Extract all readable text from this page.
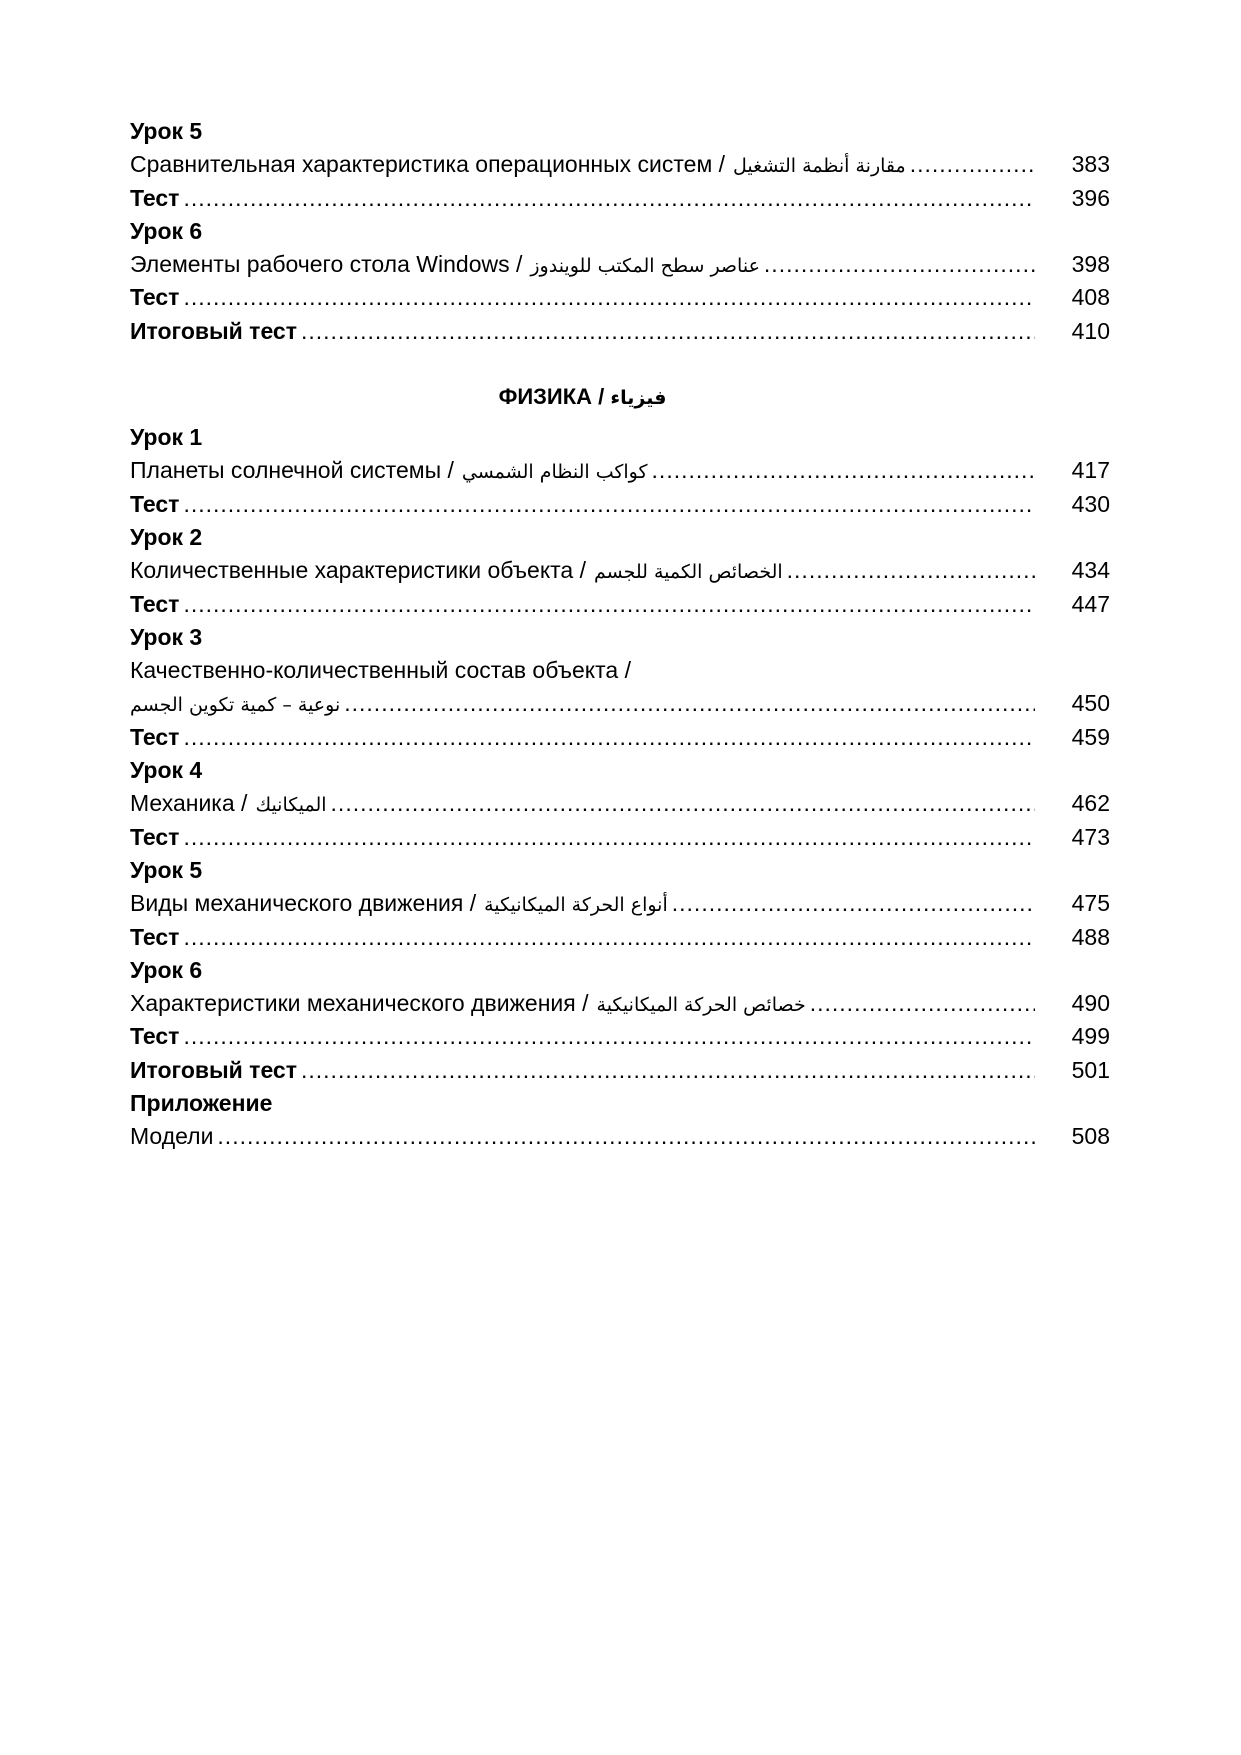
Урок 5
Сравнительная характеристика операционных систем / مقارنة أنظمة التشغيل .....	383
Тест .....	396
Урок 6
Элементы рабочего стола Windows / عناصر سطح المكتب للويندوز .....	398
Тест .....	408
Итоговый тест .....	410
ФИЗИКА / فيزياء
Урок 1
Планеты солнечной системы / كواكب النظام الشمسي .....	417
Тест .....	430
Урок 2
Количественные характеристики объекта / الخصائص الكمية للجسم .....	434
Тест .....	447
Урок 3
Качественно-количественный состав объекта /
نوعية – كمية تكوين الجسم .....	450
Тест .....	459
Урок 4
Механика / الميكانيك .....	462
Тест .....	473
Урок 5
Виды механического движения / أنواع الحركة الميكانيكية .....	475
Тест .....	488
Урок 6
Характеристики механического движения / خصائص الحركة الميكانيكية .....	490
Тест .....	499
Итоговый тест .....	501
Приложение
Модели .....	508
